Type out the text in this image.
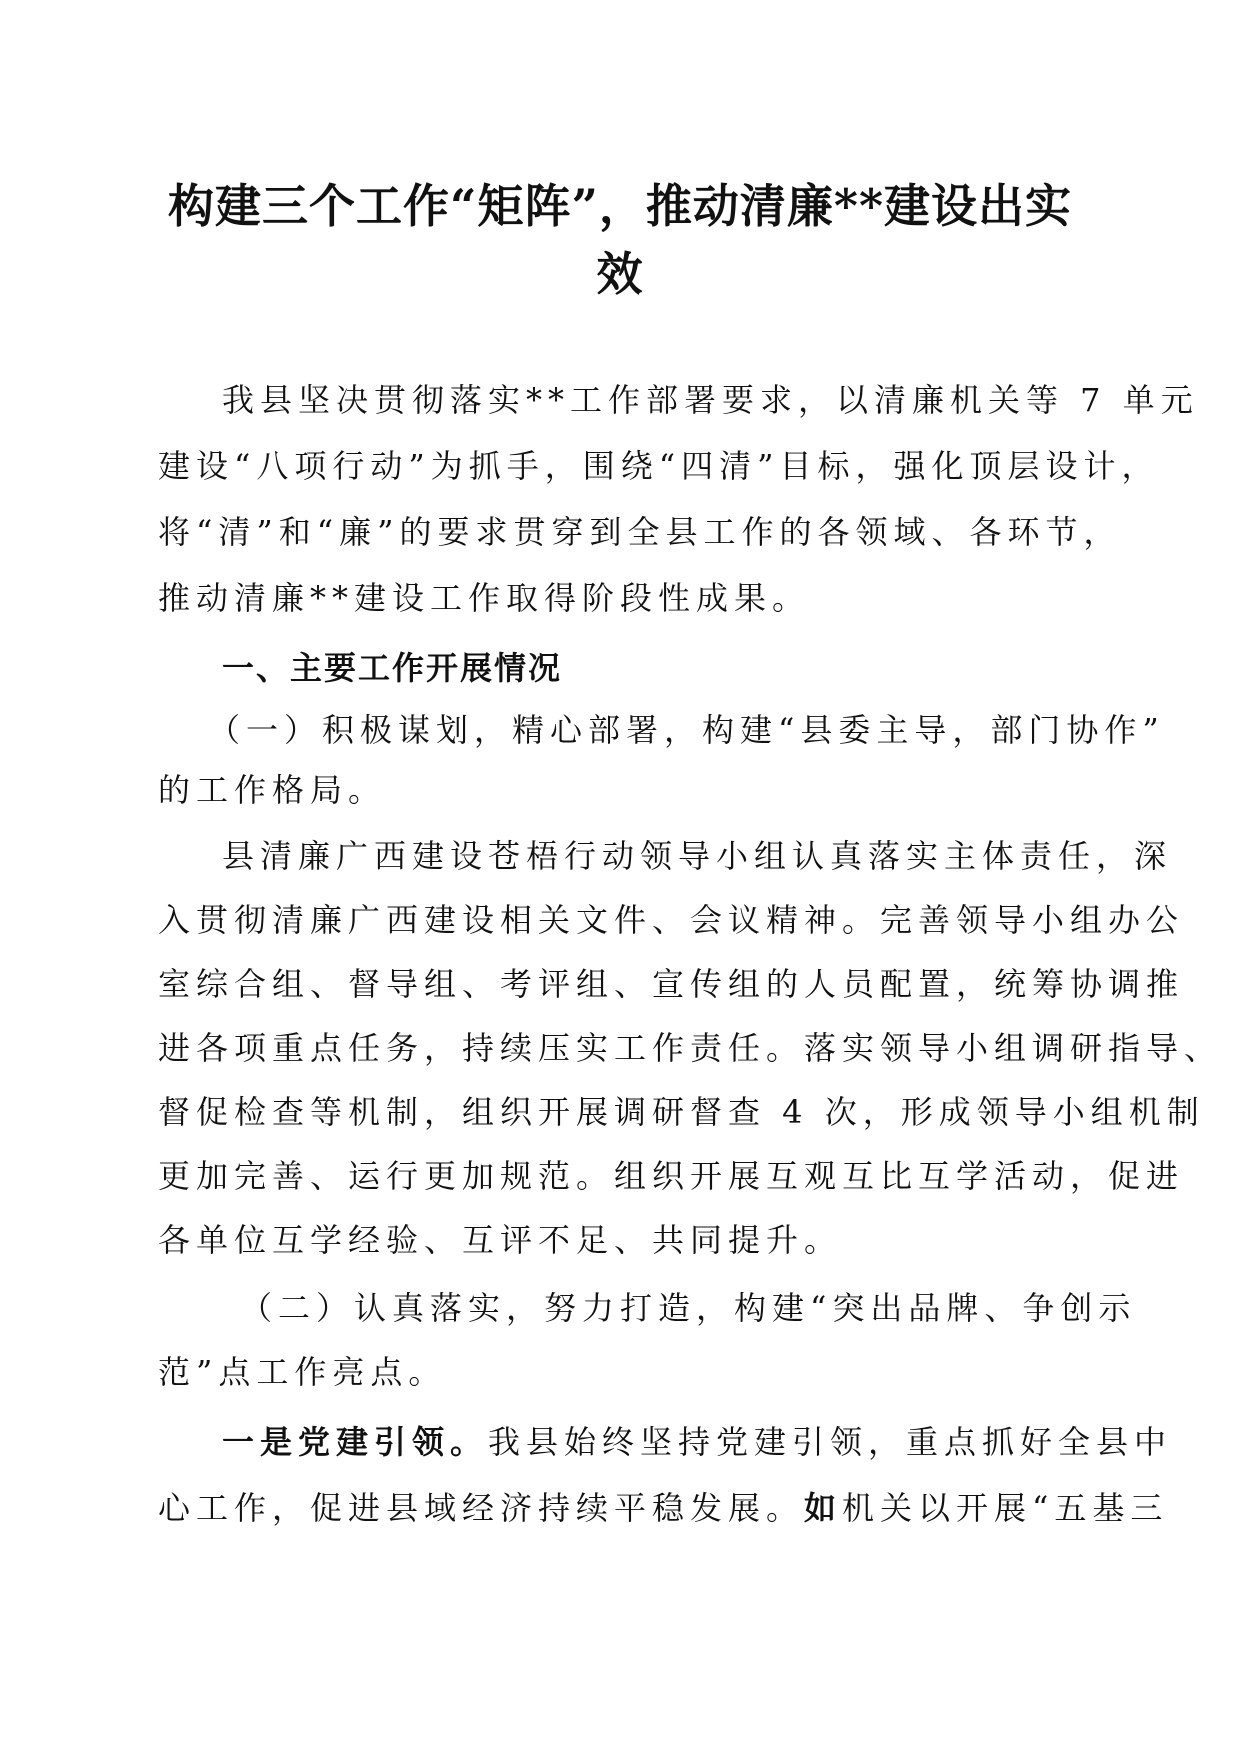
构建三个工作“矩阵”，推动清廉**建设出实
效
我县坚决贯彻落实**工作部署要求，以清廉机关等 7 单元
建设“八项行动”为抓手，围绕“四清”目标，强化顶层设计，
将“清”和“廉”的要求贯穿到全县工作的各领域、各环节，
推动清廉**建设工作取得阶段性成果。
一、主要工作开展情况
（一）积极谋划，精心部署，构建“县委主导，部门协作”
的工作格局。
县清廉广西建设苍梧行动领导小组认真落实主体责任，深
入贯彻清廉广西建设相关文件、会议精神。完善领导小组办公
室综合组、督导组、考评组、宣传组的人员配置，统筹协调推
进各项重点任务，持续压实工作责任。落实领导小组调研指导、
督促检查等机制，组织开展调研督查 4 次，形成领导小组机制
更加完善、运行更加规范。组织开展互观互比互学活动，促进
各单位互学经验、互评不足、共同提升。
（二）认真落实，努力打造，构建“突出品牌、争创示
范”点工作亮点。
一是党建引领。我县始终坚持党建引领，重点抓好全县中
心工作，促进县域经济持续平稳发展。如机关以开展“五基三
